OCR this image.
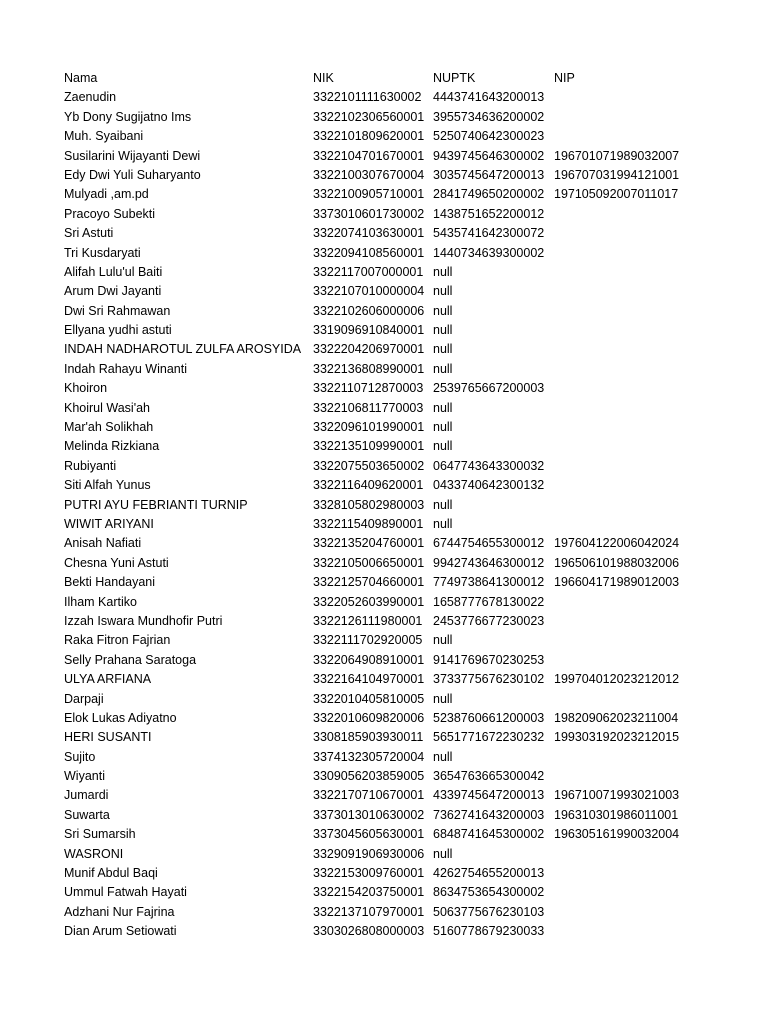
Nama	NIK	NUPTK	NIP
Zaenudin	3322101111630002 4443741643200013
Yb Dony Sugijatno Ims	3322102306560001 3955734636200002
Muh. Syaibani	3322101809620001 5250740642300023
Susilarini Wijayanti Dewi	3322104701670001 9439745646300002 196701071989032007
Edy Dwi Yuli Suharyanto	3322100307670004 3035745647200013 196707031994121001
Mulyadi ,am.pd	3322100905710001 2841749650200002 197105092007011017
Pracoyo Subekti	3373010601730002 1438751652200012
Sri Astuti	3322074103630001 5435741642300072
Tri Kusdaryati	3322094108560001 1440734639300002
Alifah Lulu'ul Baiti	3322117007000001 null
Arum Dwi Jayanti	3322107010000004 null
Dwi Sri Rahmawan	3322102606000006 null
Ellyana yudhi astuti	3319096910840001 null
INDAH NADHAROTUL ZULFA AROSYIDA 3322204206970001 null
Indah Rahayu Winanti	3322136808990001 null
Khoiron	3322110712870003 2539765667200003
Khoirul Wasi'ah	3322106811770003 null
Mar'ah Solikhah	3322096101990001 null
Melinda Rizkiana	3322135109990001 null
Rubiyanti	3322075503650002 0647743643300032
Siti Alfah Yunus	3322116409620001 0433740642300132
PUTRI AYU FEBRIANTI TURNIP	3328105802980003 null
WIWIT ARIYANI	3322115409890001 null
Anisah Nafiati	3322135204760001 6744754655300012 197604122006042024
Chesna Yuni Astuti	3322105006650001 9942743646300012 196506101988032006
Bekti Handayani	3322125704660001 7749738641300012 196604171989012003
Ilham Kartiko	3322052603990001 1658777678130022
Izzah Iswara Mundhofir Putri	3322126111980001 2453776677230023
Raka Fitron Fajrian	3322111702920005 null
Selly Prahana Saratoga	3322064908910001 9141769670230253
ULYA ARFIANA	3322164104970001 3733775676230102 199704012023212012
Darpaji	3322010405810005 null
Elok Lukas Adiyatno	3322010609820006 5238760661200003 198209062023211004
HERI SUSANTI	3308185903930011 5651771672230232 199303192023212015
Sujito	3374132305720004 null
Wiyanti	3309056203859005 3654763665300042
Jumardi	3322170710670001 4339745647200013 196710071993021003
Suwarta	3373013010630002 7362741643200003 196310301986011001
Sri Sumarsih	3373045605630001 6848741645300002 196305161990032004
WASRONI	3329091906930006 null
Munif Abdul Baqi	3322153009760001 4262754655200013
Ummul Fatwah Hayati	3322154203750001 8634753654300002
Adzhani Nur Fajrina	3322137107970001 5063775676230103
Dian Arum Setiowati	3303026808000003 5160778679230033
